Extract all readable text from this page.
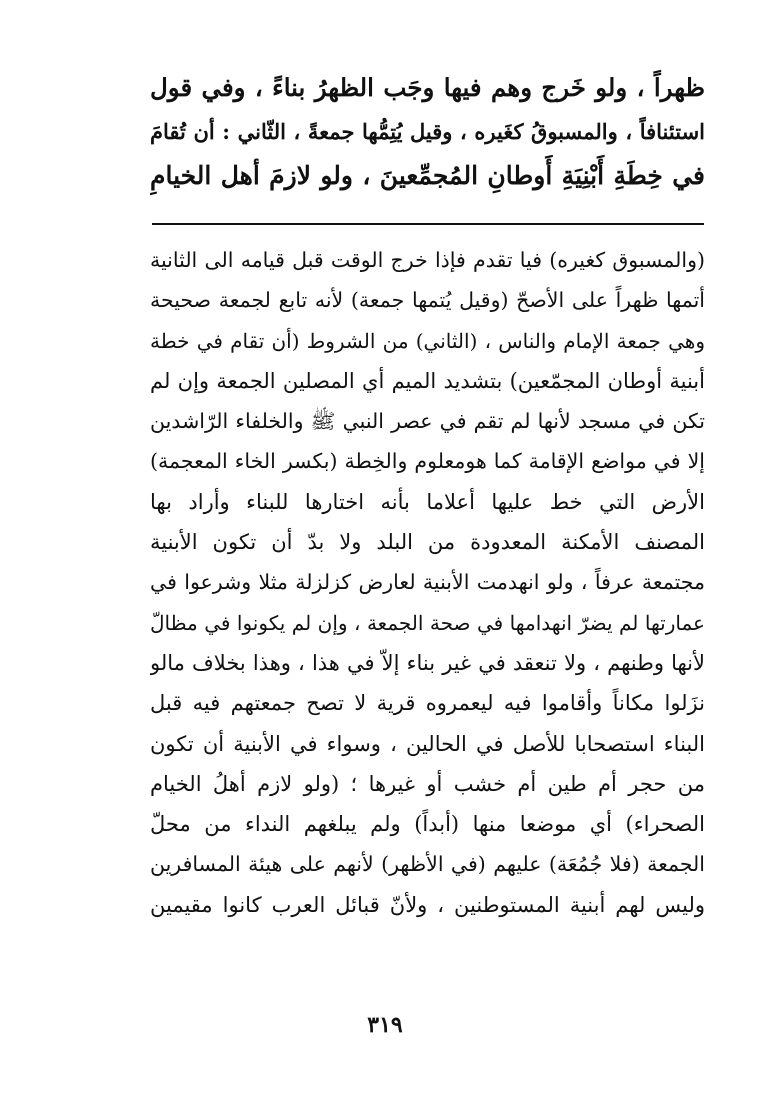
ظهراً ، ولو خَرج وهم فيها وجَب الظهرُ بناءً ، وفي قول
استئنافاً ، والمسبوقُ كغَيره ، وقيل يُتِمُّها جمعةً ، الثّاني : أن تُقامَ
في خِطَةِ أَبْنِيَةِ أَوطانِ المُجمِّعينَ ، ولو لازمَ أهل الخيامِ
(والمسبوق كغيره) فيا تقدم فإذا خرج الوقت قبل قيامه الى الثانية
أتمها ظهراً على الأصحّ (وقيل يُتمها جمعة) لأنه تابع لجمعة صحيحة
وهي جمعة الإمام والناس ، (الثاني) من الشروط (أن تقام في خطة
أبنية أوطان المجمّعين) بتشديد الميم أي المصلين الجمعة وإن لم
تكن في مسجد لأنها لم تقم في عصر النبي ﷺ والخلفاء الرّاشدين
إلا في مواضع الإقامة كما هومعلوم والخِطة (بكسر الخاء المعجمة)
الأرض التي خط عليها أعلاما بأنه اختارها للبناء وأراد بها
المصنف الأمكنة المعدودة من البلد ولا بدّ أن تكون الأبنية
مجتمعة عرفاً ، ولو انهدمت الأبنية لعارض كزلزلة مثلا وشرعوا في
عمارتها لم يضرّ انهدامها في صحة الجمعة ، وإن لم يكونوا في مظالّ
لأنها وطنهم ، ولا تنعقد في غير بناء إلاّ في هذا ، وهذا بخلاف مالو
نزَلوا مكاناً وأقاموا فيه ليعمروه قرية لا تصح جمعتهم فيه قبل
البناء استصحابا للأصل في الحالين ، وسواء في الأبنية أن تكون
من حجر أم طين أم خشب أو غيرها ؛ (ولو لازم أهلُ الخيام
الصحراء) أي موضعا منها (أبداً) ولم يبلغهم النداء من محلّ
الجمعة (فلا جُمُعَة) عليهم (في الأظهر) لأنهم على هيئة المسافرين
وليس لهم أبنية المستوطنين ، ولأنّ قبائل العرب كانوا مقيمين
٣١٩
